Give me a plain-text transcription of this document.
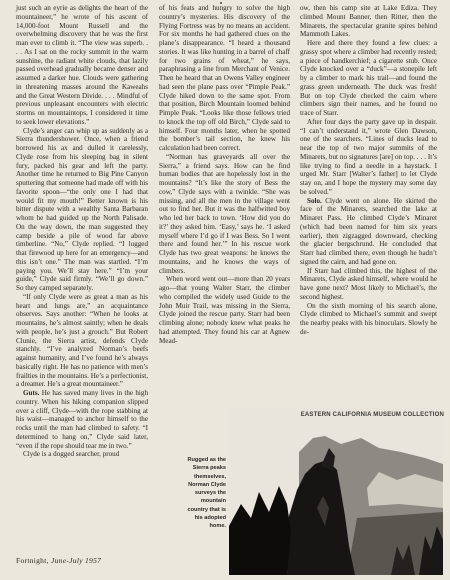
just such an eyrie as delights the heart of the mountaineer,” he wrote of his ascent of 14,000-foot Mount Russell and the overwhelming discovery that he was the first man ever to climb it. “The view was superb. . . . As I sat on the rocky summit in the warm sunshine, the radiant white clouds, that lazily passed overhead gradually became denser and assumed a darker hue. Clouds were gathering in threatening masses around the Kaweahs and the Great Western Divide. . . . Mindful of previous unpleasant encounters with electric storms on mountaintops, I considered it time to seek lower elevations.”

Clyde’s anger can whip up as suddenly as a Sierra thundershower. Once, when a friend borrowed his ax and dulled it carelessly, Clyde rose from his sleeping bag in silent fury, packed his gear and left the party. Another time he returned to Big Pine Canyon sputtering that someone had made off with his favorite spoon—“the only one I had that would fit my mouth!” Better known is his bitter dispute with a wealthy Santa Barbaran whom he had guided up the North Palisade. On the way down, the man suggested they camp beside a pile of wood far above timberline. “No,” Clyde replied. “I lugged that firewood up here for an emergency—and this isn’t one.” The man was startled. “I’m paying you. We’ll stay here.” “I’m your guide,” Clyde said firmly. “We’ll go down.” So they camped separately.

“If only Clyde were as great a man as his heart and lungs are,” an acquaintance observes. Says another: “When he looks at mountains, he’s almost saintly; when he deals with people, he’s just a grouch.” But Robert Clunie, the Sierra artist, defends Clyde stanchly. “I’ve analyzed Norman’s beefs against humanity, and I’ve found he’s always basically right. He has no patience with men’s frailties in the mountains. He’s a perfectionist, a dreamer. He’s a great mountaineer.”

Guts. He has saved many lives in the high country. When his hiking companion slipped over a cliff, Clyde—with the rope stabbing at his waist—managed to anchor himself to the rocks until the man had climbed to safety. “I determined to hang on,” Clyde said later, “even if the rope should tear me in two.”

Clyde is a dogged searcher, proud

of his feats and hungry to solve the high country’s mysteries. His discovery of the Flying Fortress was by no means an accident. For six months he had gathered clues on the plane’s disappearance. “I heard a thousand stories. It was like hunting in a barrel of chaff for two grains of wheat,” he says, paraphrasing a line from Merchant of Venice. Then he heard that an Owens Valley engineer had seen the plane pass over “Pimple Peak.” Clyde hiked down to the same spot. From that position, Birch Mountain loomed behind Pimple Peak. “Looks like those fellows tried to knock the top off old Birch,” Clyde said to himself. Four months later, when he spotted the bomber’s tail section, he knew his calculation had been correct.

“Norman has graveyards all over the Sierra,” a friend says. How can he find human bodies that are hopelessly lost in the mountains? “It’s like the story of Bess the cow,” Clyde says with a twinkle. “She was missing, and all the men in the village went out to find her. But it was the halfwitted boy who led her back to town. ‘How did you do it?’ they asked him. ‘Easy,’ says he. ‘I asked myself where I’d go if I was Bess. So I went there and found her.’” In his rescue work Clyde has two great weapons: he knows the mountains, and he knows the ways of climbers.

When word went out—more than 20 years ago—that young Walter Starr, the climber who compiled the widely used Guide to the John Muir Trail, was missing in the Sierra, Clyde joined the rescue party. Starr had been climbing alone; nobody knew what peaks he had attempted. They found his car at Agnew Mead-

ow, then his camp site at Lake Ediza. They climbed Mount Banner, then Ritter, then the Minarets, the spectacular granite spires behind Mammoth Lakes.

Here and there they found a few clues: a grassy spot where a climber had recently rested; a piece of handkerchief; a cigarette stub. Once Clyde knocked over a “duck”—a stonepile left by a climber to mark his trail—and found the grass green underneath. The duck was fresh! But on top Clyde checked the cairn where climbers sign their names, and he found no trace of Starr.

After four days the party gave up in despair. “I can’t understand it,” wrote Glen Dawson, one of the searchers. “Lines of ducks lead to near the top of two major summits of the Minarets, but no signatures [are] on top. . . . It’s like trying to find a needle in a haystack. I urged Mr. Starr [Walter’s father] to let Clyde stay on, and I hope the mystery may some day be solved.”

Solo. Clyde went on alone. He skirted the face of the Minarets, searched the lake at Minaret Pass. He climbed Clyde’s Minaret (which had been named for him six years earlier), then zigzagged downward, checking the glacier bergschrund. He concluded that Starr had climbed there, even though he hadn’t signed the cairn, and had gone on.

If Starr had climbed this, the highest of the Minarets, Clyde asked himself, where would he have gone next? Most likely to Michael’s, the second highest.

On the sixth morning of his search alone, Clyde climbed to Michael’s summit and swept the nearby peaks with his binoculars. Slowly he de-

EASTERN CALIFORNIA MUSEUM COLLECTION
Rugged as the Sierra peaks themselves, Norman Clyde surveys the mountain country that is his adopted home.
Fortnight, June-July 1957
